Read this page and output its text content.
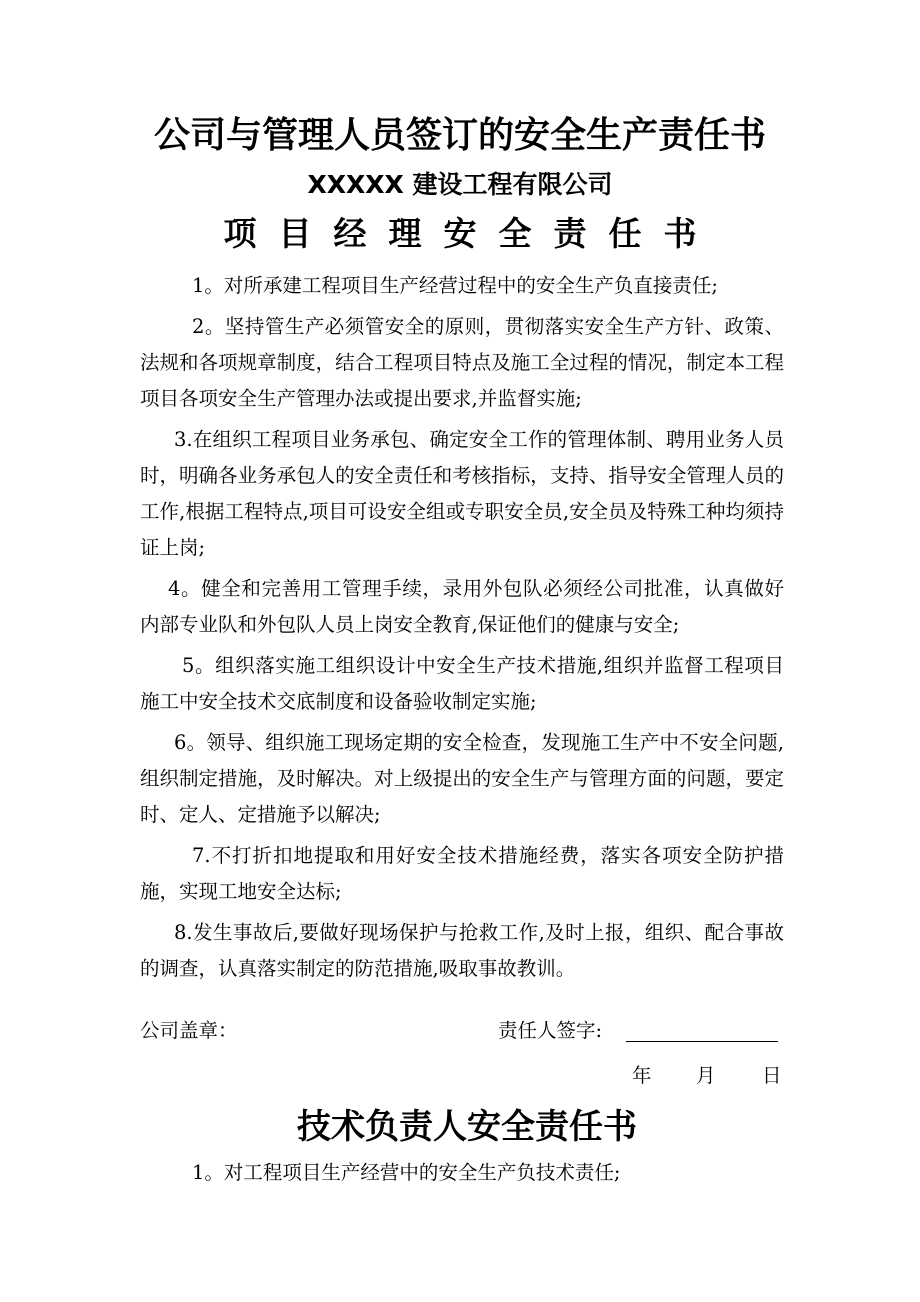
公司与管理人员签订的安全生产责任书
XXXXX 建设工程有限公司
项目经理安全责任书

1。对所承建工程项目生产经营过程中的安全生产负直接责任;

2。坚持管生产必须管安全的原则，贯彻落实安全生产方针、政策、法规和各项规章制度，结合工程项目特点及施工全过程的情况，制定本工程项目各项安全生产管理办法或提出要求,并监督实施;

3.在组织工程项目业务承包、确定安全工作的管理体制、聘用业务人员时，明确各业务承包人的安全责任和考核指标，支持、指导安全管理人员的工作,根据工程特点,项目可设安全组或专职安全员,安全员及特殊工种均须持证上岗;

4。健全和完善用工管理手续，录用外包队必须经公司批准，认真做好内部专业队和外包队人员上岗安全教育,保证他们的健康与安全;

5。组织落实施工组织设计中安全生产技术措施,组织并监督工程项目施工中安全技术交底制度和设备验收制定实施;

6。领导、组织施工现场定期的安全检查，发现施工生产中不安全问题,组织制定措施，及时解决。对上级提出的安全生产与管理方面的问题，要定时、定人、定措施予以解决;

7.不打折扣地提取和用好安全技术措施经费，落实各项安全防护措施，实现工地安全达标;

8.发生事故后,要做好现场保护与抢救工作,及时上报，组织、配合事故的调查，认真落实制定的防范措施,吸取事故教训。

公司盖章：	责任人签字:
年 月 日
技术负责人安全责任书

1。对工程项目生产经营中的安全生产负技术责任;
